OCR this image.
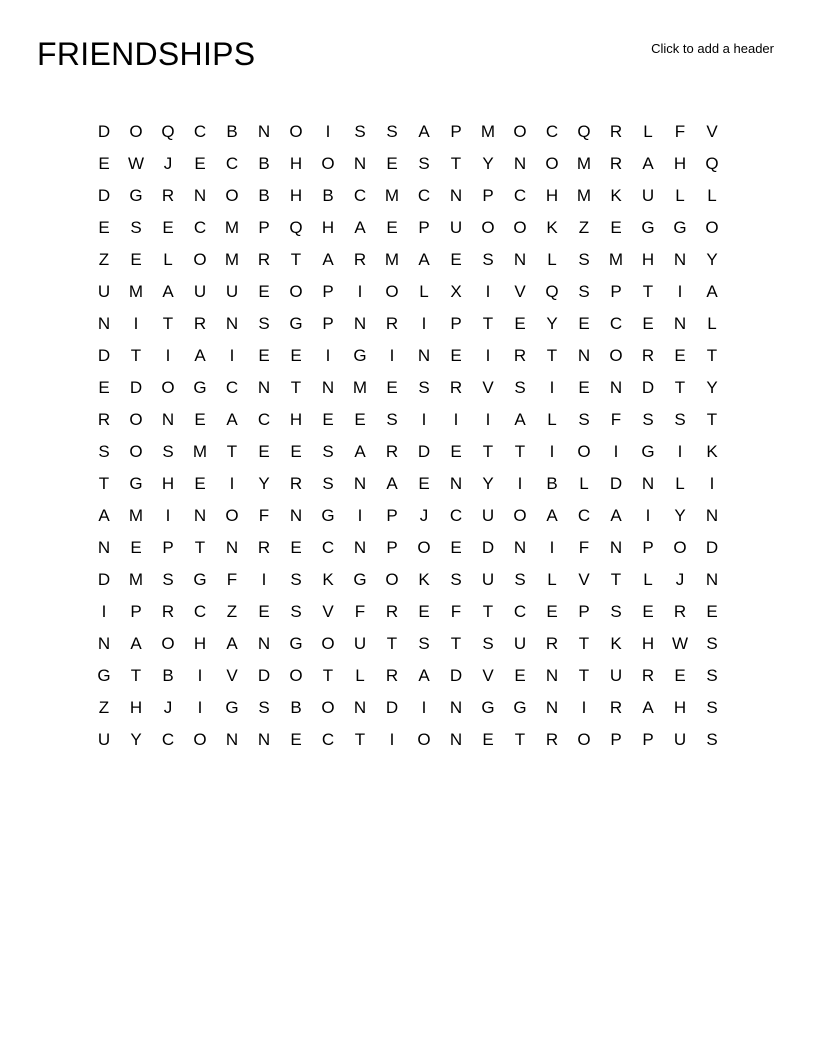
FRIENDSHIPS	Click to add a header
D	O	Q	C	B	N	O	I	S	S	A	P	M	O	C	Q	R	L	F	V
E	W	J	E	C	B	H	O	N	E	S	T	Y	N	O	M	R	A	H	Q
D	G	R	N	O	B	H	B	C	M	C	N	P	C	H	M	K	U	L	L
E	S	E	C	M	P	Q	H	A	E	P	U	O	O	K	Z	E	G	G	O
Z	E	L	O	M	R	T	A	R	M	A	E	S	N	L	S	M	H	N	Y
U	M	A	U	U	E	O	P	I	O	L	X	I	V	Q	S	P	T	I	A
N	I	T	R	N	S	G	P	N	R	I	P	T	E	Y	E	C	E	N	L
D	T	I	A	I	E	E	I	G	I	N	E	I	R	T	N	O	R	E	T
E	D	O	G	C	N	T	N	M	E	S	R	V	S	I	E	N	D	T	Y
R	O	N	E	A	C	H	E	E	S	I	I	I	A	L	S	F	S	S	T
S	O	S	M	T	E	E	S	A	R	D	E	T	T	I	O	I	G	I	K
T	G	H	E	I	Y	R	S	N	A	E	N	Y	I	B	L	D	N	L	I
A	M	I	N	O	F	N	G	I	P	J	C	U	O	A	C	A	I	Y	N
N	E	P	T	N	R	E	C	N	P	O	E	D	N	I	F	N	P	O	D
D	M	S	G	F	I	S	K	G	O	K	S	U	S	L	V	T	L	J	N
I	P	R	C	Z	E	S	V	F	R	E	F	T	C	E	P	S	E	R	E
N	A	O	H	A	N	G	O	U	T	S	T	S	U	R	T	K	H	W	S
G	T	B	I	V	D	O	T	L	R	A	D	V	E	N	T	U	R	E	S
Z	H	J	I	G	S	B	O	N	D	I	N	G	G	N	I	R	A	H	S
U	Y	C	O	N	N	E	C	T	I	O	N	E	T	R	O	P	P	U	S
